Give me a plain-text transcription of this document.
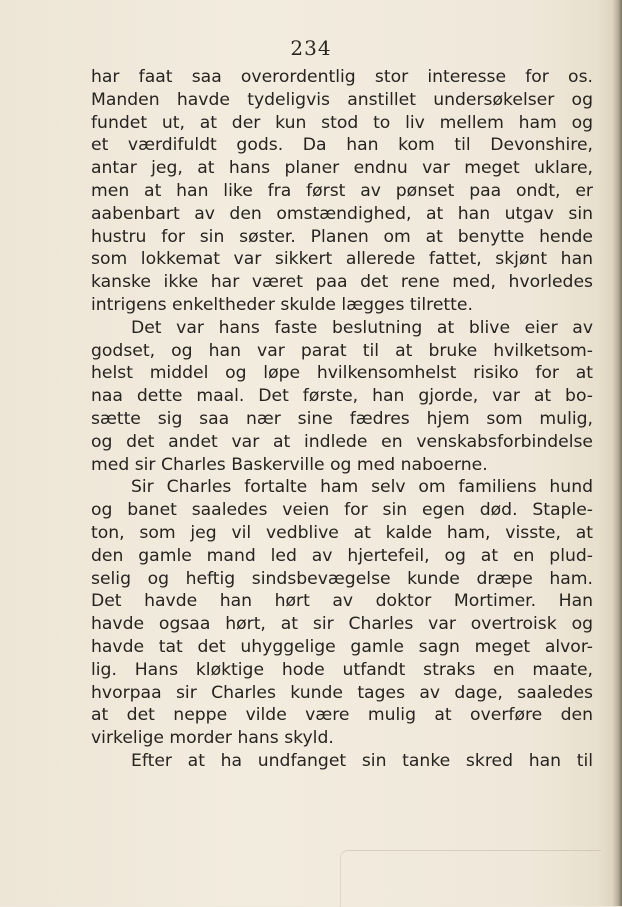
234
har faat saa overordentlig stor interesse for os.
Manden havde tydeligvis anstillet undersøkelser og
fundet ut, at der kun stod to liv mellem ham og
et værdifuldt gods. Da han kom til Devonshire,
antar jeg, at hans planer endnu var meget uklare,
men at han like fra først av pønset paa ondt, er
aabenbart av den omstændighed, at han utgav sin
hustru for sin søster. Planen om at benytte hende
som lokkemat var sikkert allerede fattet, skjønt han
kanske ikke har været paa det rene med, hvorledes
intrigens enkeltheder skulde lægges tilrette.
Det var hans faste beslutning at blive eier av
godset, og han var parat til at bruke hvilketsom-
helst middel og løpe hvilkensomhelst risiko for at
naa dette maal. Det første, han gjorde, var at bo-
sætte sig saa nær sine fædres hjem som mulig,
og det andet var at indlede en venskabsforbindelse
med sir Charles Baskerville og med naboerne.
Sir Charles fortalte ham selv om familiens hund
og banet saaledes veien for sin egen død. Staple-
ton, som jeg vil vedblive at kalde ham, visste, at
den gamle mand led av hjertefeil, og at en plud-
selig og heftig sindsbevægelse kunde dræpe ham.
Det havde han hørt av doktor Mortimer. Han
havde ogsaa hørt, at sir Charles var overtroisk og
havde tat det uhyggelige gamle sagn meget alvor-
lig. Hans kløktige hode utfandt straks en maate,
hvorpaa sir Charles kunde tages av dage, saaledes
at det neppe vilde være mulig at overføre den
virkelige morder hans skyld.
Efter at ha undfanget sin tanke skred han til
